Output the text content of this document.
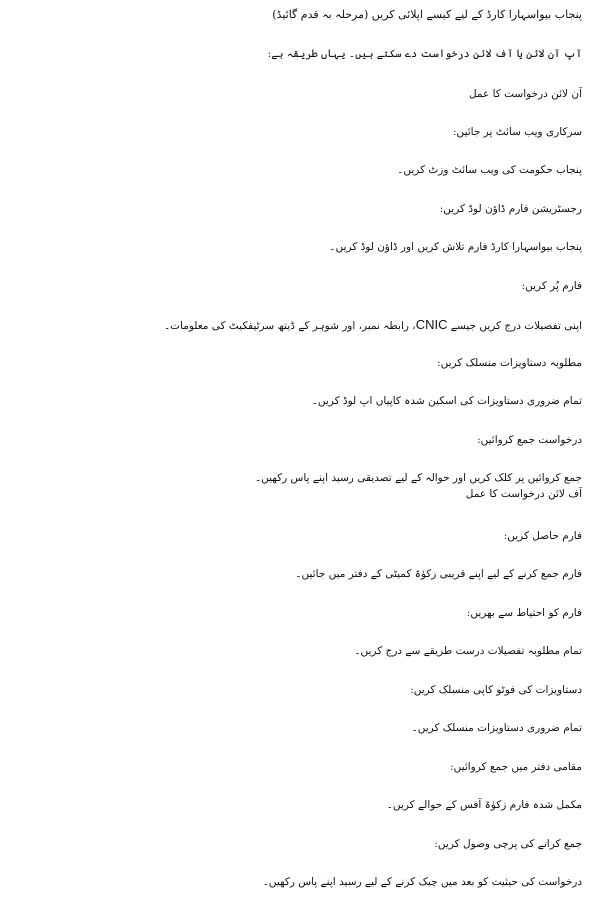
پنجاب بیواسہارا کارڈ کے لیے کیسے اپلائی کریں (مرحلہ بہ قدم گائیڈ)
آپ آن لائن یا آف لائن درخواست دے سکتے ہیں۔ یہاں طریقہ ہے:
آن لائن درخواست کا عمل
سرکاری ویب سائٹ پر جائیں:
پنجاب حکومت کی ویب سائٹ وزٹ کریں۔
رجسٹریشن فارم ڈاؤن لوڈ کریں:
پنجاب بیواسہارا کارڈ فارم تلاش کریں اور ڈاؤن لوڈ کریں۔
فارم پُر کریں:
اپنی تفصیلات درج کریں جیسے CNIC، رابطہ نمبر، اور شوہر کے ڈیتھ سرٹیفکیٹ کی معلومات۔
مطلوبہ دستاویزات منسلک کریں:
تمام ضروری دستاویزات کی اسکین شدہ کاپیاں اپ لوڈ کریں۔
درخواست جمع کروائیں:
جمع کروائیں پر کلک کریں اور حوالہ کے لیے تصدیقی رسید اپنے پاس رکھیں۔
آف لائن درخواست کا عمل
فارم حاصل کریں:
فارم جمع کرنے کے لیے اپنے قریبی زکوٰۃ کمیٹی کے دفتر میں جائیں۔
فارم کو احتیاط سے بھریں:
تمام مطلوبہ تفصیلات درست طریقے سے درج کریں۔
دستاویزات کی فوٹو کاپی منسلک کریں:
تمام ضروری دستاویزات منسلک کریں۔
مقامی دفتر میں جمع کروائیں:
مکمل شدہ فارم زکوٰۃ آفس کے حوالے کریں۔
جمع کرانے کی پرچی وصول کریں:
درخواست کی حیثیت کو بعد میں چیک کرنے کے لیے رسید اپنے پاس رکھیں۔
